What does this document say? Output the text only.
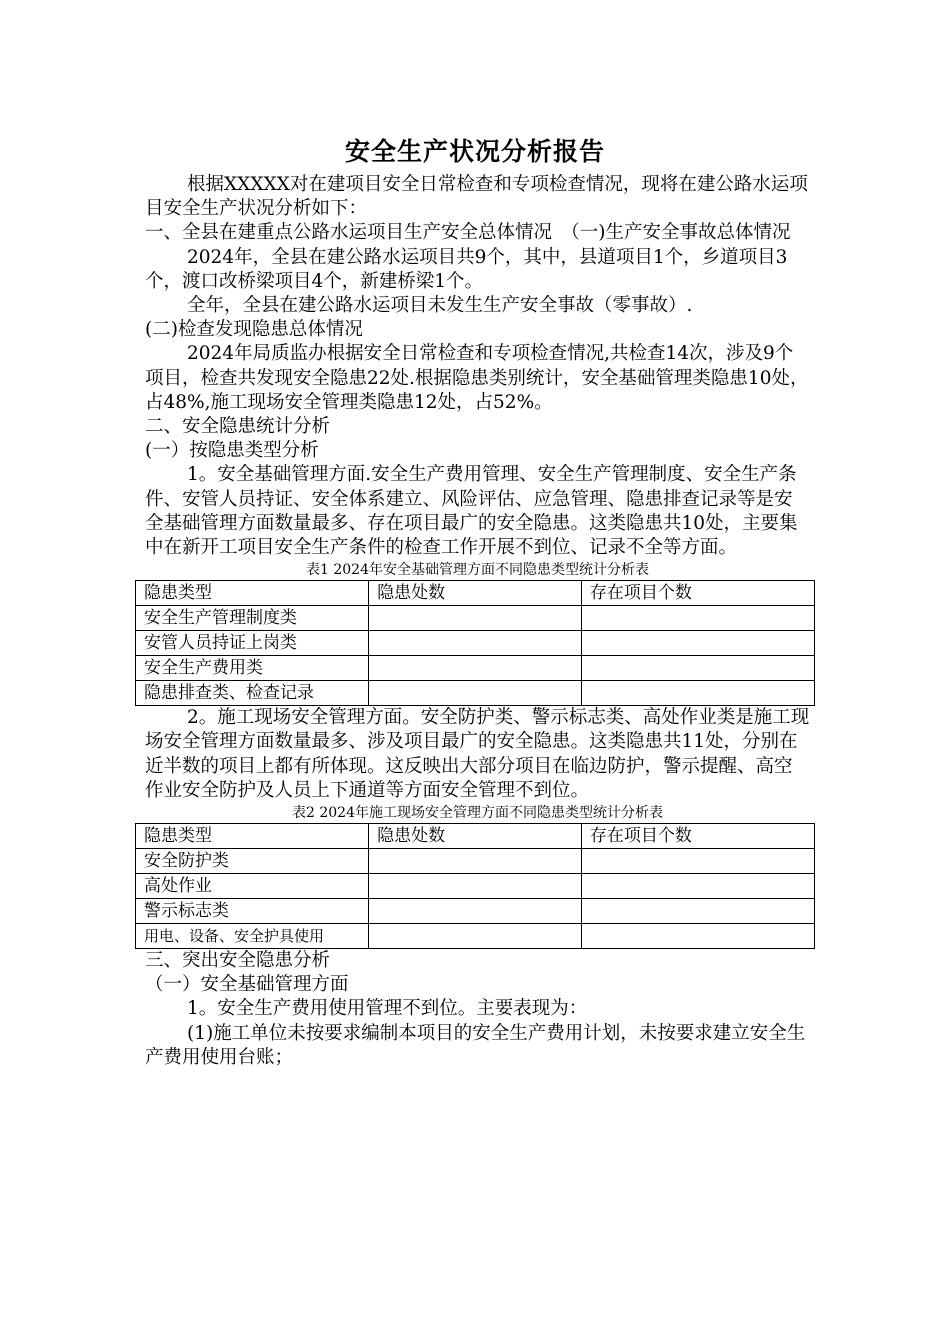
安全生产状况分析报告

根据XXXXX对在建项目安全日常检查和专项检查情况，现将在建公路水运项目安全生产状况分析如下：

一、全县在建重点公路水运项目生产安全总体情况　（一)生产安全事故总体情况

2024年，全县在建公路水运项目共9个，其中，县道项目1个，乡道项目3个，渡口改桥梁项目4个，新建桥梁1个。

全年，全县在建公路水运项目未发生生产安全事故（零事故）.

(二)检查发现隐患总体情况

2024年局质监办根据安全日常检查和专项检查情况,共检查14次，涉及9个项目，检查共发现安全隐患22处.根据隐患类别统计，安全基础管理类隐患10处，占48%,施工现场安全管理类隐患12处，占52%。

二、安全隐患统计分析

(一）按隐患类型分析

1。安全基础管理方面.安全生产费用管理、安全生产管理制度、安全生产条件、安管人员持证、安全体系建立、风险评估、应急管理、隐患排查记录等是安全基础管理方面数量最多、存在项目最广的安全隐患。这类隐患共10处，主要集中在新开工项目安全生产条件的检查工作开展不到位、记录不全等方面。

表1 2024年安全基础管理方面不同隐患类型统计分析表
隐患类型	隐患处数	存在项目个数
安全生产管理制度类		
安管人员持证上岗类		
安全生产费用类		
隐患排查类、检查记录		

2。施工现场安全管理方面。安全防护类、警示标志类、高处作业类是施工现场安全管理方面数量最多、涉及项目最广的安全隐患。这类隐患共11处，分别在近半数的项目上都有所体现。这反映出大部分项目在临边防护，警示提醒、高空作业安全防护及人员上下通道等方面安全管理不到位。

表2 2024年施工现场安全管理方面不同隐患类型统计分析表
隐患类型	隐患处数	存在项目个数
安全防护类		
高处作业		
警示标志类		
用电、设备、安全护具使用		

三、突出安全隐患分析

（一）安全基础管理方面

1。安全生产费用使用管理不到位。主要表现为：

(1)施工单位未按要求编制本项目的安全生产费用计划，未按要求建立安全生产费用使用台账；
